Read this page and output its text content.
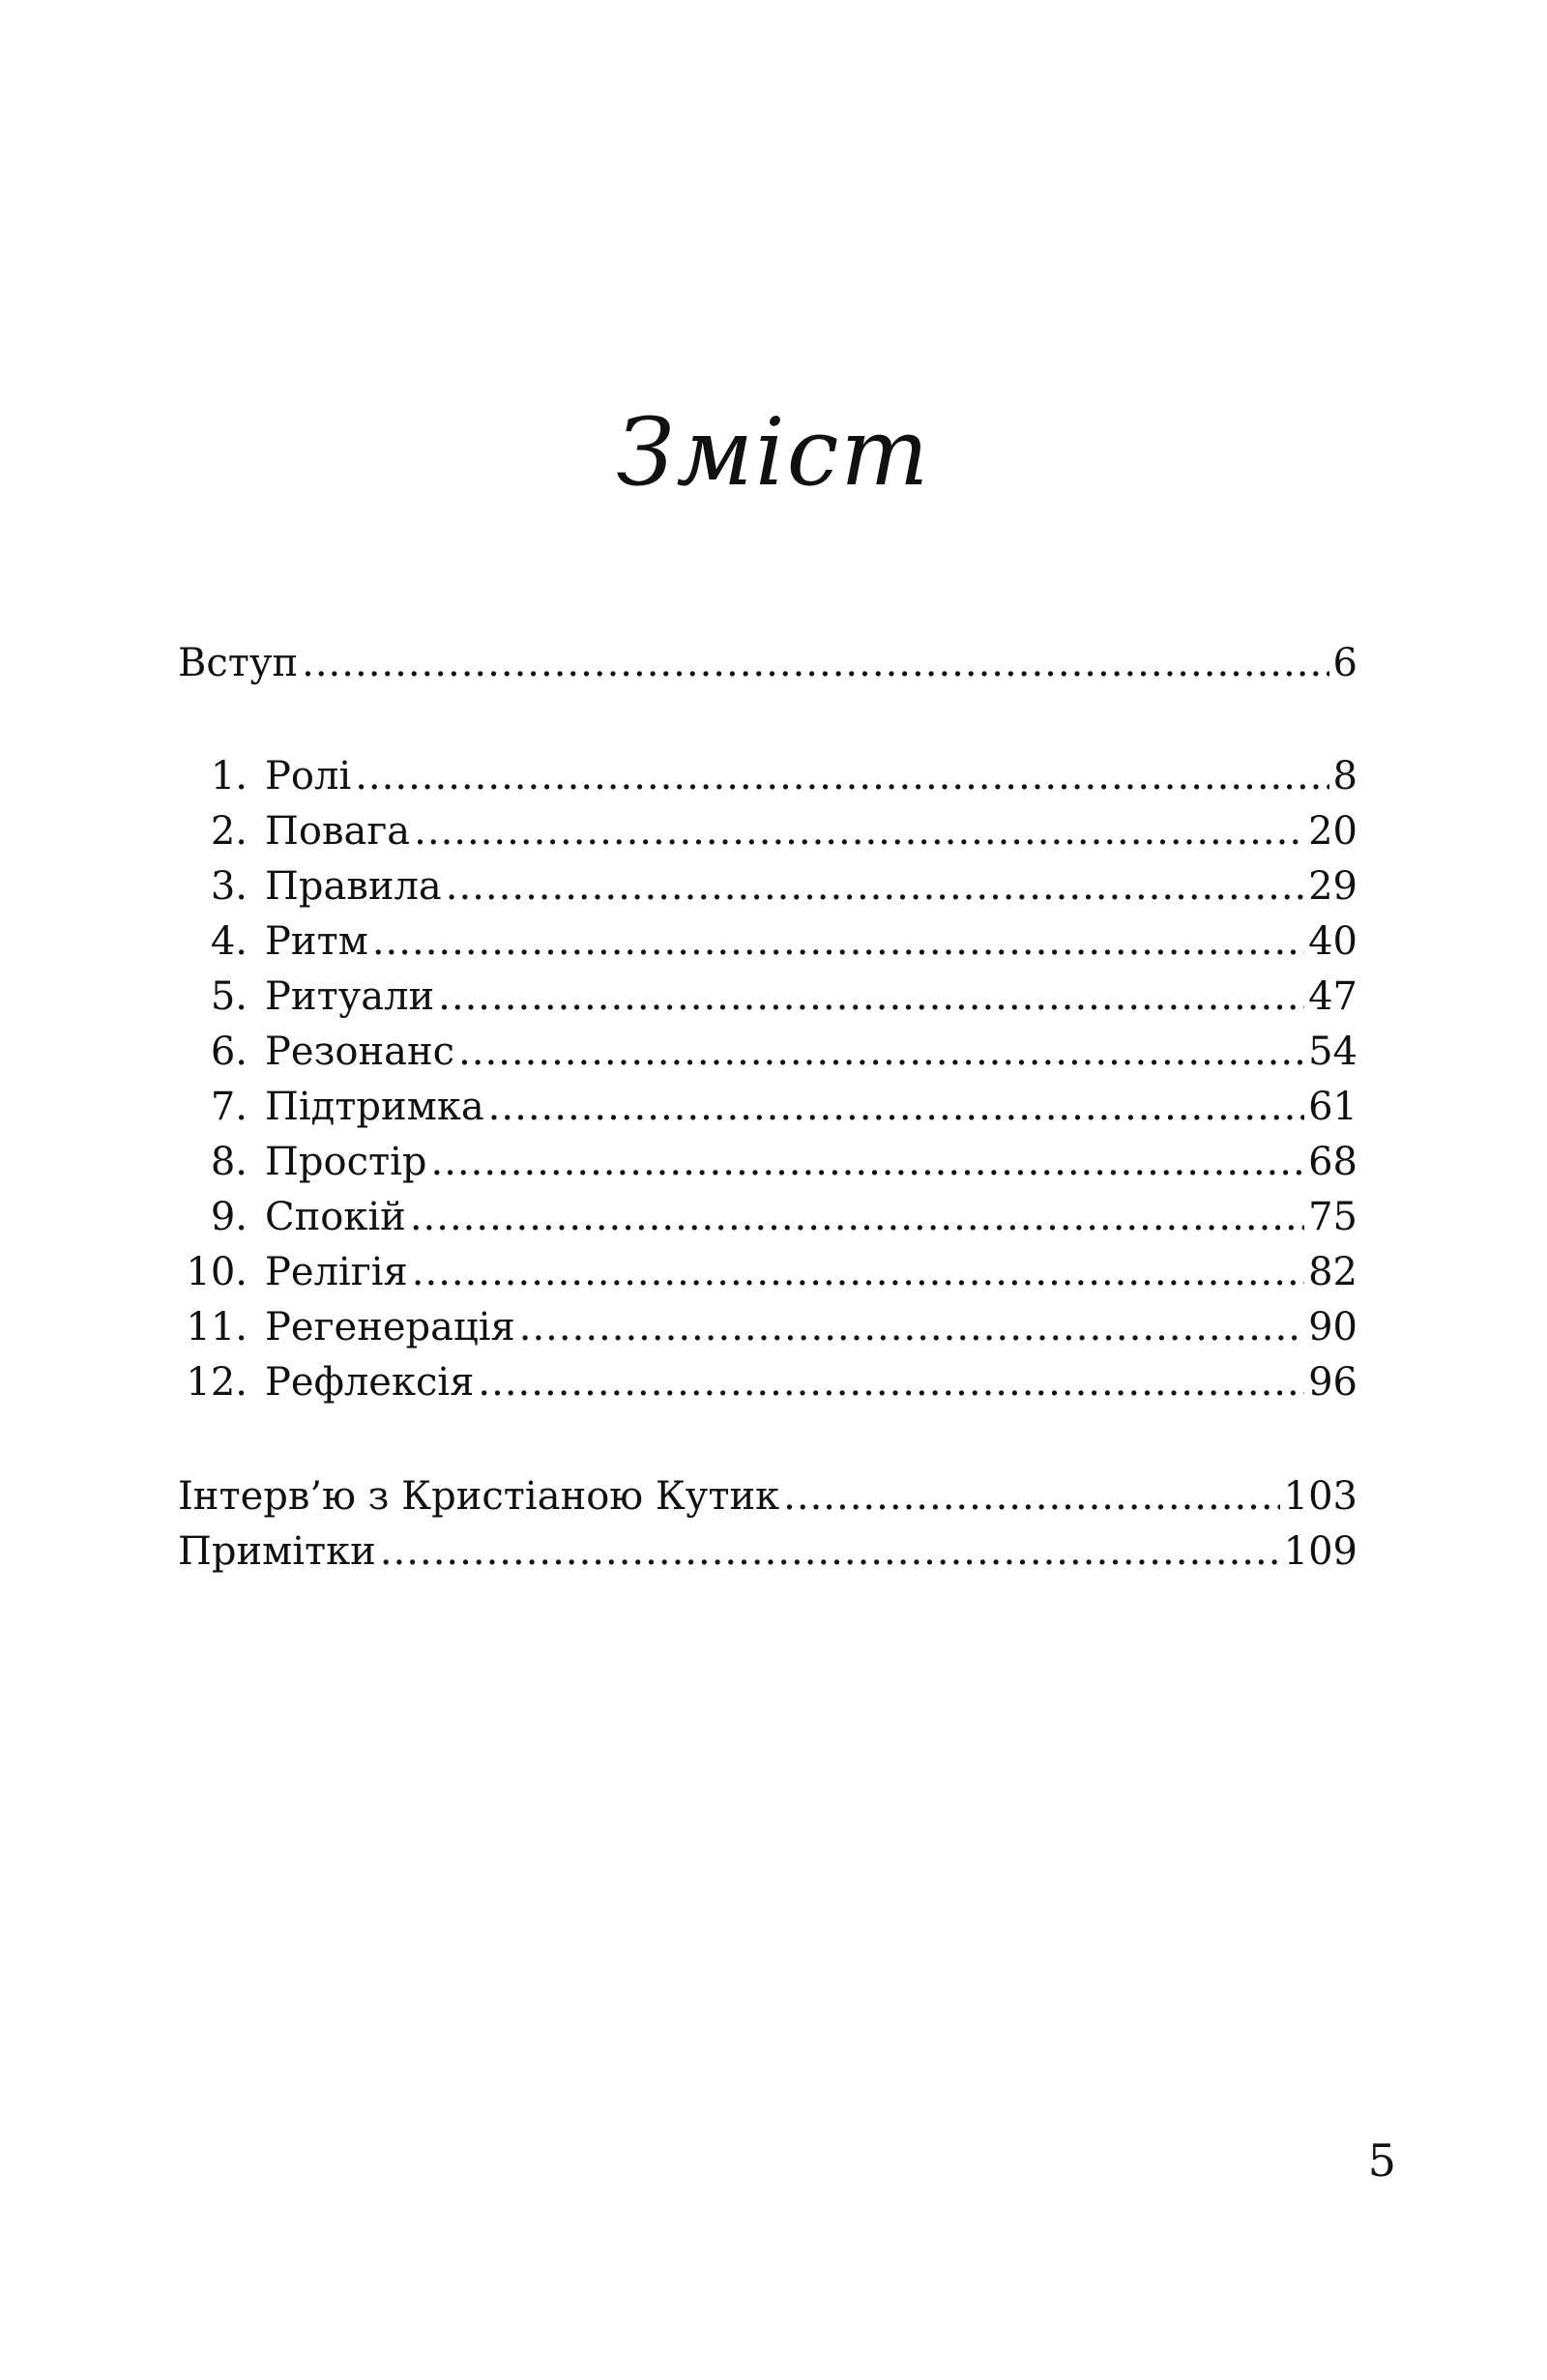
Зміст
Вступ .....	6
1. Ролі .....	8
2. Повага .....	20
3. Правила .....	29
4. Ритм .....	40
5. Ритуали .....	47
6. Резонанс .....	54
7. Підтримка .....	61
8. Простір .....	68
9. Спокій .....	75
10. Релігія .....	82
11. Регенерація .....	90
12. Рефлексія .....	96
Інтерв’ю з Кристіаною Кутик .....	103
Примітки .....	109
5
